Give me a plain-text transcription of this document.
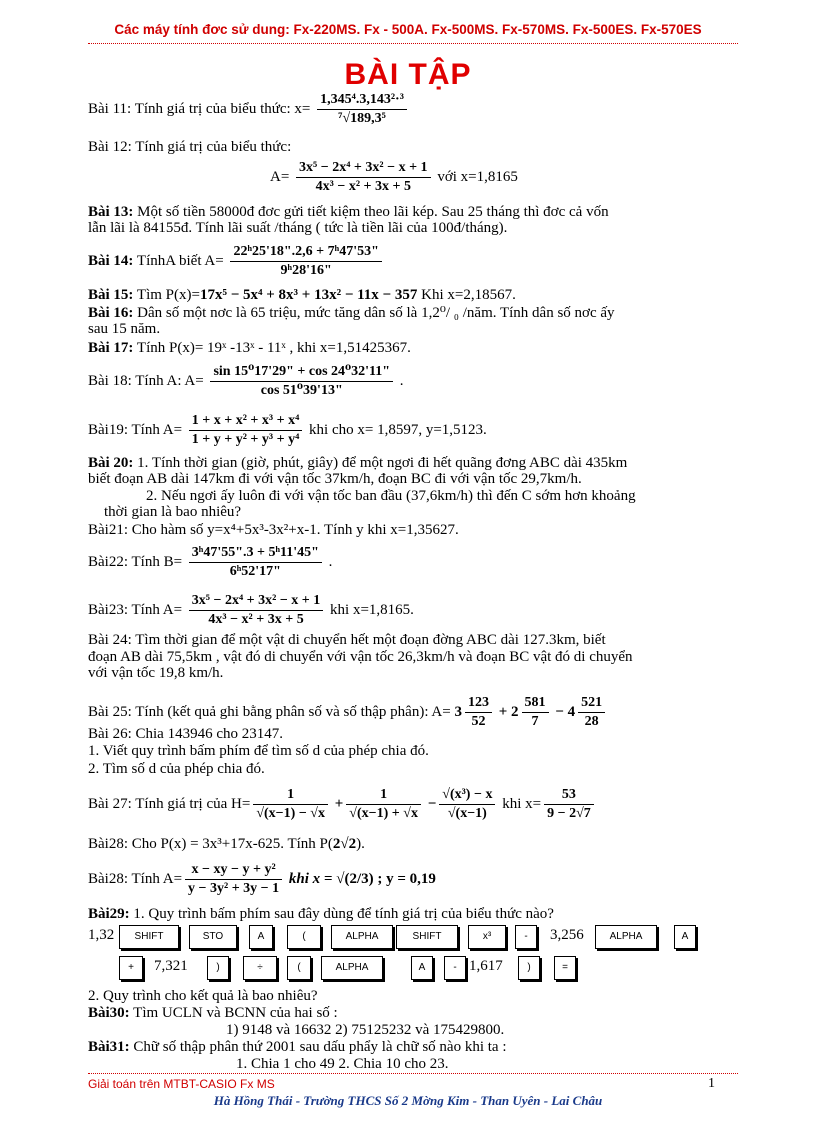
Các máy tính đơc sử dung: Fx-220MS. Fx - 500A. Fx-500MS. Fx-570MS. Fx-500ES. Fx-570ES
BÀI TẬP
Bài 11: Tính giá trị của biểu thức: $x= \frac{\text{1,345⁴.3,143²·³}}{\text{⁷√189,3⁵}}$
Bài 12: Tính giá trị của biểu thức:
$A= \frac{\text{3x⁵ − 2x⁴ + 3x² − x + 1}}{\text{4x³ − x² + 3x + 5}}$ với x=1,8165
Bài 13: Một số tiền 58000đ đơc gửi tiết kiệm theo lãi kép. Sau 25 tháng thì đơc cả vốn
lẫn lãi là 84155đ. Tính lãi suất /tháng ( tức là tiền lãi của 100đ/tháng).
Bài 14: TínhA biết $A= \frac{\text{22ʰ25'18".2,6 + 7ʰ47'53"}}{\text{9ʰ28'16"}}$
Bài 15: Tìm P(x)=17x⁵ − 5x⁴ + 8x³ + 13x² − 11x − 357 Khi x=2,18567.
Bài 16: Dân số một nơc là 65 triệu, mức tăng dân số là 1,2⁰/ ₀ /năm. Tính dân số nơc ấy
sau 15 năm.
Bài 17: Tính P(x)= 19ˣ -13ˣ - 11ˣ , khi x=1,51425367.
Bài 18: Tính A: $A= \frac{\text{sin 15⁰17'29" + cos 24⁰32'11"}}{\text{cos 51⁰39'13"}}$ .
Bài19: Tính $A= \frac{\text{1 + x + x² + x³ + x⁴}}{\text{1 + y + y² + y³ + y⁴}}$ khi cho x= 1,8597, y=1,5123.
Bài 20: 1. Tính thời gian (giờ, phút, giây) để một ngơi đi hết quãng đơng ABC dài 435km
biết đoạn AB dài 147km đi với vận tốc 37km/h, đoạn BC đi với vận tốc 29,7km/h.
2. Nếu ngơi ấy luôn đi với vận tốc ban đầu (37,6km/h) thì đến C sớm hơn khoảng
thời gian là bao nhiêu?
Bài21: Cho hàm số y=x⁴+5x³-3x²+x-1. Tính y khi x=1,35627.
Bài22: Tính $B= \frac{\text{3ʰ47'55".3 + 5ʰ11'45"}}{\text{6ʰ52'17"}}$ .
Bài23: Tính $A= \frac{\text{3x⁵ − 2x⁴ + 3x² − x + 1}}{\text{4x³ − x² + 3x + 5}}$ khi x=1,8165.
Bài 24: Tìm thời gian để một vật di chuyển hết một đoạn đờng ABC dài 127.3km, biết
đoạn AB dài 75,5km , vật đó di chuyển với vận tốc 26,3km/h và đoạn BC vật đó di chuyển
với vận tốc 19,8 km/h.
Bài 25: Tính (kết quả ghi bằng phân số và số thập phân): $A= 3 \frac{123}{52} + 2 \frac{581}{7} - 4 \frac{521}{28}$
Bài 26: Chia 143946 cho 23147.
1. Viết quy trình bấm phím để tìm số d của phép chia đó.
2. Tìm số d của phép chia đó.
Bài 27: Tính giá trị của $H= \frac{1}{√(x-1) - √x} + \frac{1}{√(x-1) + √x} - \frac{\text{√(x³) − x}}{√(x-1)}$ khi $x= \frac{53}{9 - 2√7}$
Bài28: Cho P(x) = 3x³+17x-625. Tính P(2√2).
Bài28: Tính $A= \frac{\text{x − xy − y + y²}}{\text{y − 3y² + 3y − 1}}$ khi x = √(2/3) ; y = 0,19
Bài29: 1. Quy trình bấm phím sau đây dùng để tính giá trị của biểu thức nào?
1,32	SHIFT	STO	A	(	ALPHA	SHIFT	x³	-	3,256	ALPHA	A
+	7,321	)	÷	(	ALPHA	A	- 1,617	)	=
2. Quy trình cho kết quả là bao nhiêu?
Bài30: Tìm UCLN và BCNN của hai số :
1) 9148 và 16632 2) 75125232 và 175429800.
Bài31: Chữ số thập phân thứ 2001 sau dấu phẩy là chữ số nào khi ta :
1. Chia 1 cho 49 2. Chia 10 cho 23.
Giải toán trên MTBT-CASIO Fx MS	1
Hà Hồng Thái - Trường THCS Số 2 Mờng Kim - Than Uyên - Lai Châu
